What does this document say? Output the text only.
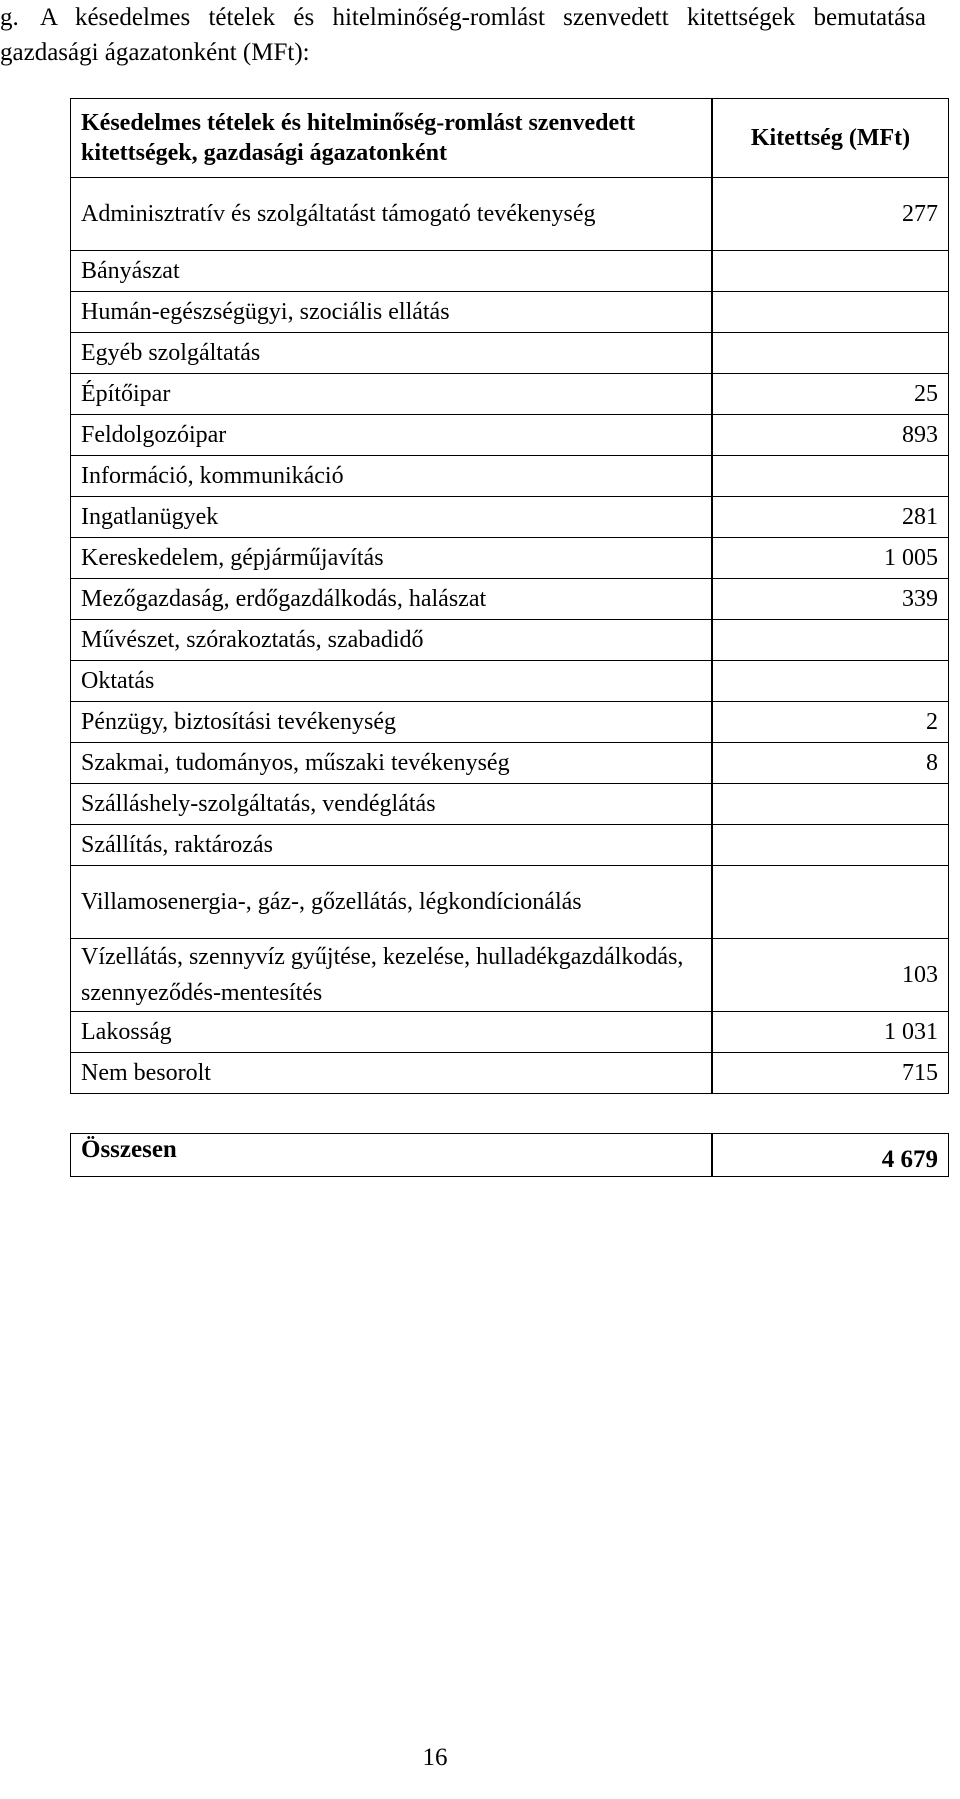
g. A késedelmes tételek és hitelminőség-romlást szenvedett kitettségek bemutatása gazdasági ágazatonként (MFt):
Késedelmes tételek és hitelminőség-romlást szenvedett kitettségek, gazdasági ágazatonként	Kitettség (MFt)
Adminisztratív és szolgáltatást támogató tevékenység	277
Bányászat	
Humán-egészségügyi, szociális ellátás	
Egyéb szolgáltatás	
Építőipar	25
Feldolgozóipar	893
Információ, kommunikáció	
Ingatlanügyek	281
Kereskedelem, gépjárműjavítás	1 005
Mezőgazdaság, erdőgazdálkodás, halászat	339
Művészet, szórakoztatás, szabadidő	
Oktatás	
Pénzügy, biztosítási tevékenység	2
Szakmai, tudományos, műszaki tevékenység	8
Szálláshely-szolgáltatás, vendéglátás	
Szállítás, raktározás	
Villamosenergia-, gáz-, gőzellátás, légkondícionálás	
Vízellátás, szennyvíz gyűjtése, kezelése, hulladékgazdálkodás, szennyeződés-mentesítés	103
Lakosság	1 031
Nem besorolt	715
Összesen	4 679
16
